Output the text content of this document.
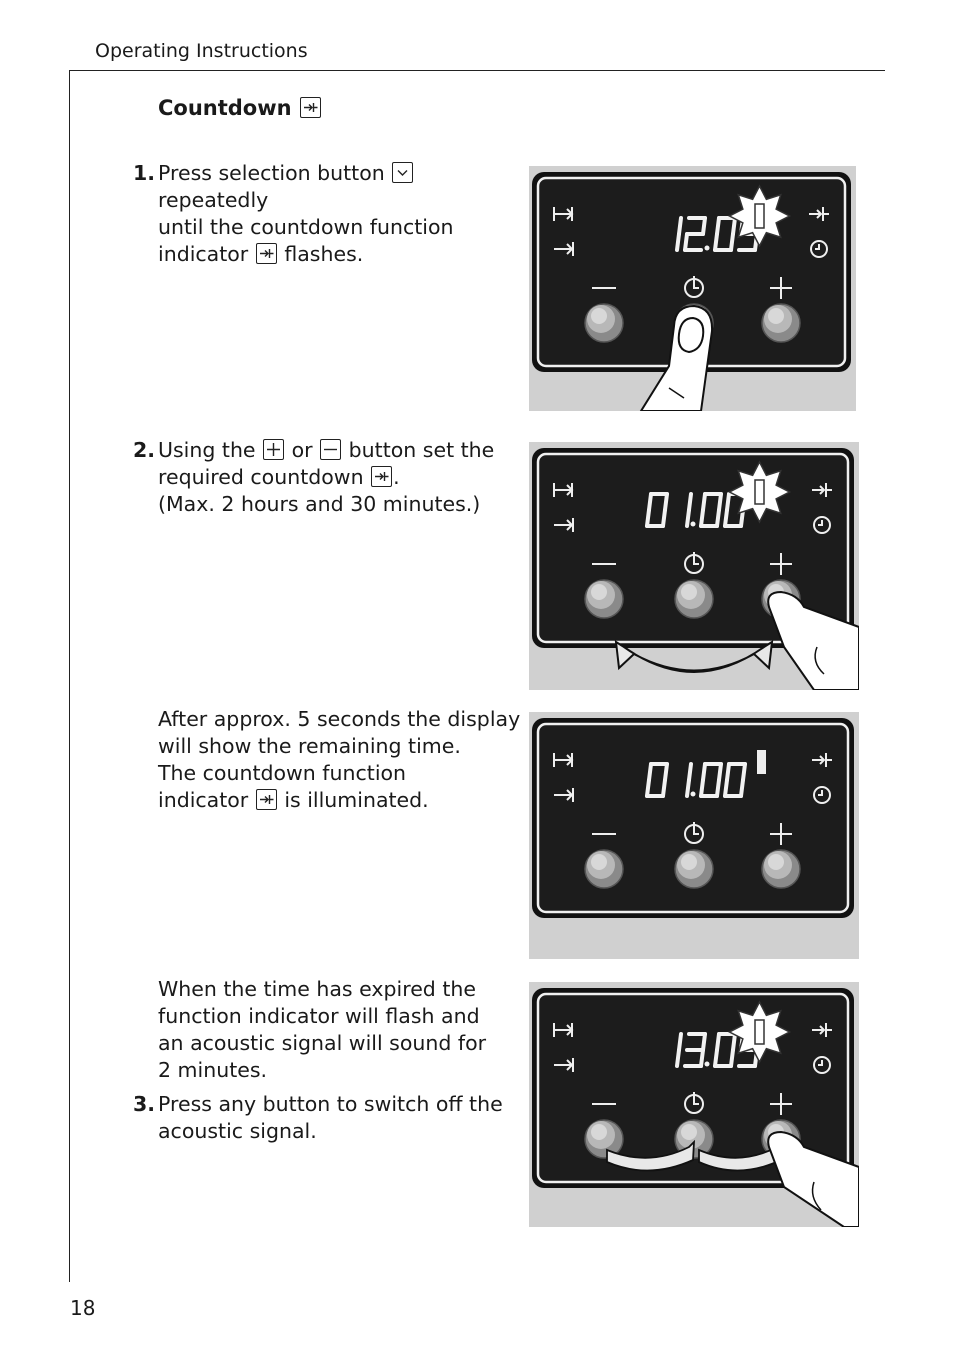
Operating Instructions
18
Countdown
1. Press selection button
repeatedly
until the countdown function
indicator flashes.
2. Using the or button set the
required countdown .
(Max. 2 hours and 30 minutes.)
After approx. 5 seconds the display
will show the remaining time.
The countdown function
indicator is illuminated.
When the time has expired the
function indicator will flash and
an acoustic signal will sound for
2 minutes.
3. Press any button to switch off the
acoustic signal.
